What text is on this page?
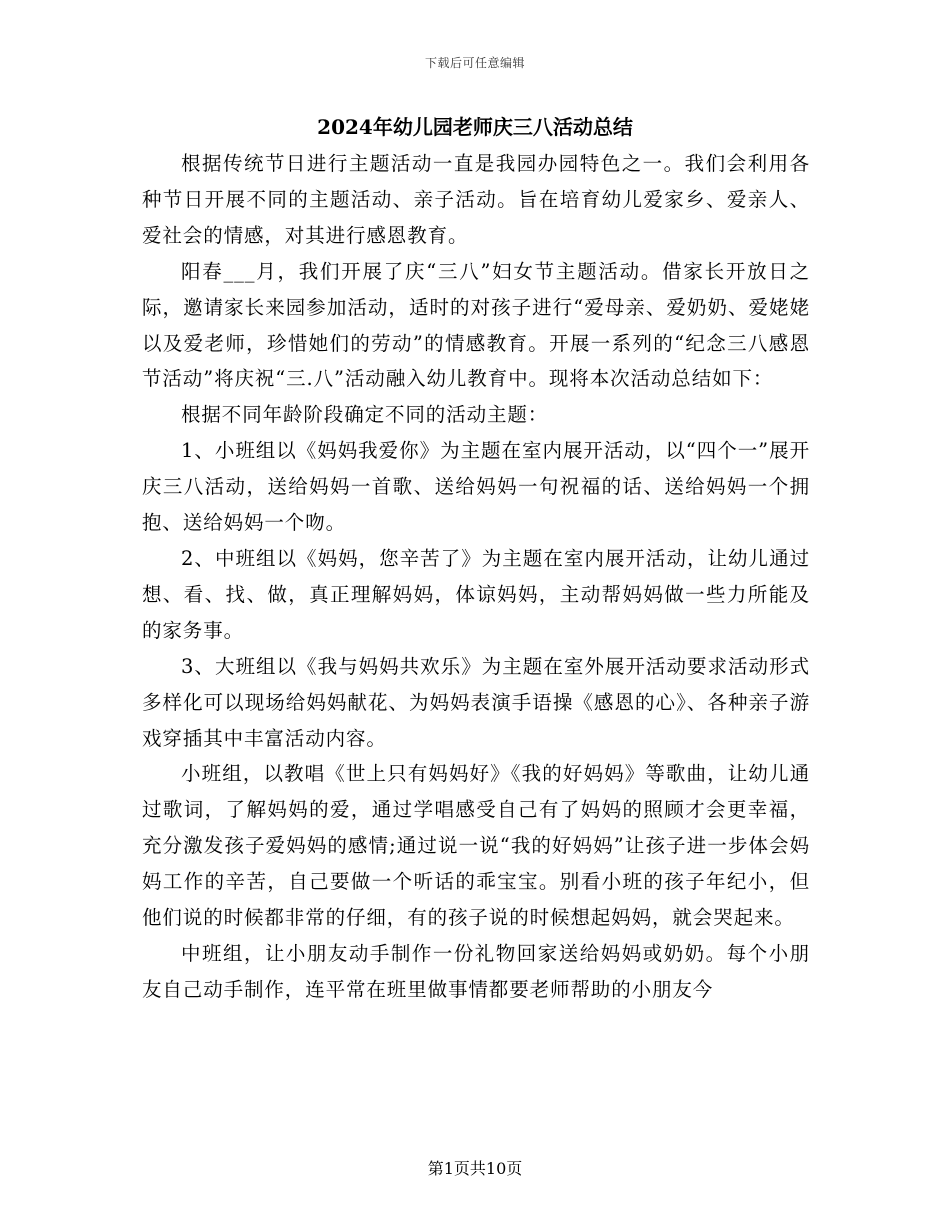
下载后可任意编辑
2024年幼儿园老师庆三八活动总结

根据传统节日进行主题活动一直是我园办园特色之一。我们会利用各种节日开展不同的主题活动、亲子活动。旨在培育幼儿爱家乡、爱亲人、爱社会的情感，对其进行感恩教育。

阳春___月，我们开展了庆“三八”妇女节主题活动。借家长开放日之际，邀请家长来园参加活动，适时的对孩子进行“爱母亲、爱奶奶、爱姥姥以及爱老师，珍惜她们的劳动”的情感教育。开展一系列的“纪念三八感恩节活动”将庆祝“三.八”活动融入幼儿教育中。现将本次活动总结如下：

根据不同年龄阶段确定不同的活动主题：

1、小班组以《妈妈我爱你》为主题在室内展开活动，以“四个一”展开庆三八活动，送给妈妈一首歌、送给妈妈一句祝福的话、送给妈妈一个拥抱、送给妈妈一个吻。

2、中班组以《妈妈，您辛苦了》为主题在室内展开活动，让幼儿通过想、看、找、做，真正理解妈妈，体谅妈妈，主动帮妈妈做一些力所能及的家务事。

3、大班组以《我与妈妈共欢乐》为主题在室外展开活动要求活动形式多样化可以现场给妈妈献花、为妈妈表演手语操《感恩的心》、各种亲子游戏穿插其中丰富活动内容。

小班组，以教唱《世上只有妈妈好》《我的好妈妈》等歌曲，让幼儿通过歌词，了解妈妈的爱，通过学唱感受自己有了妈妈的照顾才会更幸福，充分激发孩子爱妈妈的感情;通过说一说“我的好妈妈”让孩子进一步体会妈妈工作的辛苦，自己要做一个听话的乖宝宝。别看小班的孩子年纪小，但他们说的时候都非常的仔细，有的孩子说的时候想起妈妈，就会哭起来。

中班组，让小朋友动手制作一份礼物回家送给妈妈或奶奶。每个小朋友自己动手制作，连平常在班里做事情都要老师帮助的小朋友今

第1页共10页
